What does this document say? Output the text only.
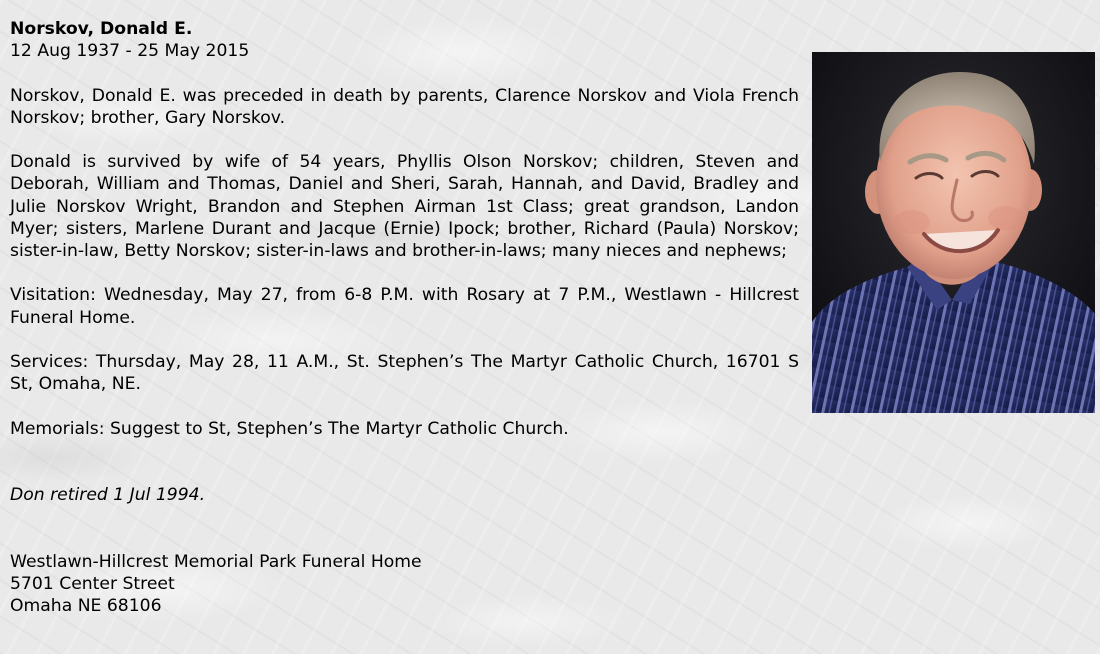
Norskov, Donald E.

12 Aug 1937 - 25 May 2015

Norskov, Donald E. was preceded in death by parents, Clarence Norskov and Viola French Norskov; brother, Gary Norskov.

Donald is survived by wife of 54 years, Phyllis Olson Norskov; children, Steven and Deborah, William and Thomas, Daniel and Sheri, Sarah, Hannah, and David, Bradley and Julie Norskov Wright, Brandon and Stephen Airman 1st Class; great grandson, Landon Myer; sisters, Marlene Durant and Jacque (Ernie) Ipock; brother, Richard (Paula) Norskov; sister-in-law, Betty Norskov; sister-in-laws and brother-in-laws; many nieces and nephews;

Visitation: Wednesday, May 27, from 6-8 P.M. with Rosary at 7 P.M., Westlawn - Hillcrest Funeral Home.

Services: Thursday, May 28, 11 A.M., St. Stephen’s The Martyr Catholic Church, 16701 S St, Omaha, NE.

Memorials: Suggest to St, Stephen’s The Martyr Catholic Church.

Don retired 1 Jul 1994.

Westlawn-Hillcrest Memorial Park Funeral Home

5701 Center Street

Omaha NE 68106
